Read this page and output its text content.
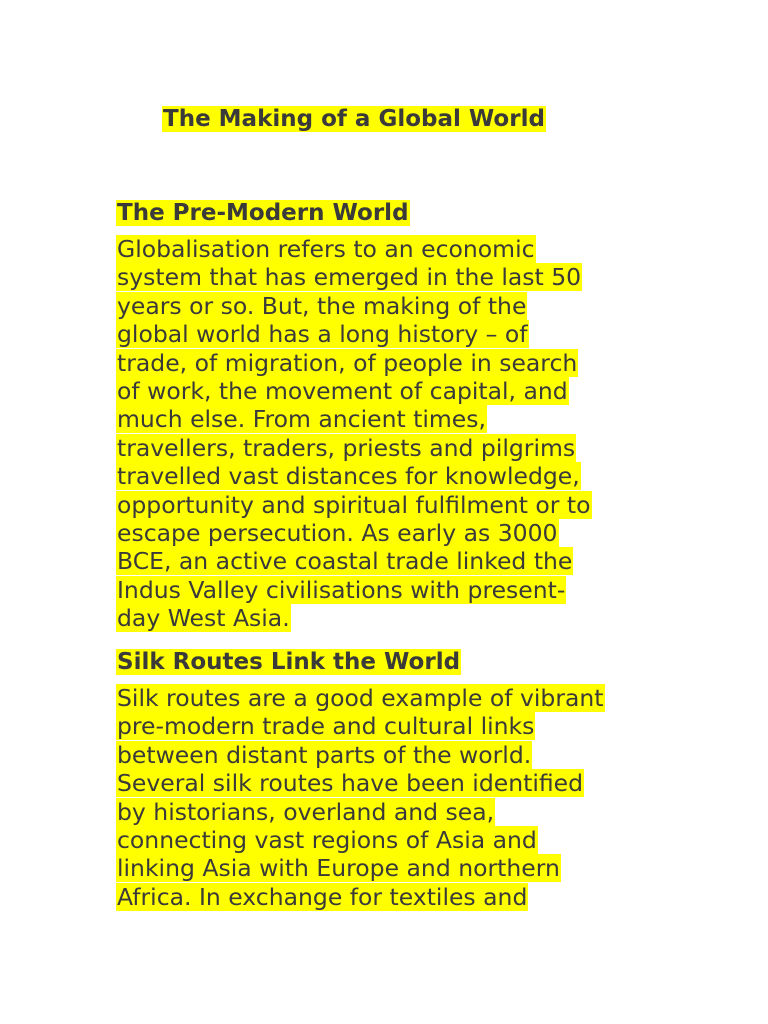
The Making of a Global World
The Pre-Modern World
Globalisation refers to an economic
system that has emerged in the last 50
years or so. But, the making of the
global world has a long history – of
trade, of migration, of people in search
of work, the movement of capital, and
much else. From ancient times,
travellers, traders, priests and pilgrims
travelled vast distances for knowledge,
opportunity and spiritual fulfilment or to
escape persecution. As early as 3000
BCE, an active coastal trade linked the
Indus Valley civilisations with present-
day West Asia.
Silk Routes Link the World
Silk routes are a good example of vibrant
pre-modern trade and cultural links
between distant parts of the world.
Several silk routes have been identified
by historians, overland and sea,
connecting vast regions of Asia and
linking Asia with Europe and northern
Africa. In exchange for textiles and
